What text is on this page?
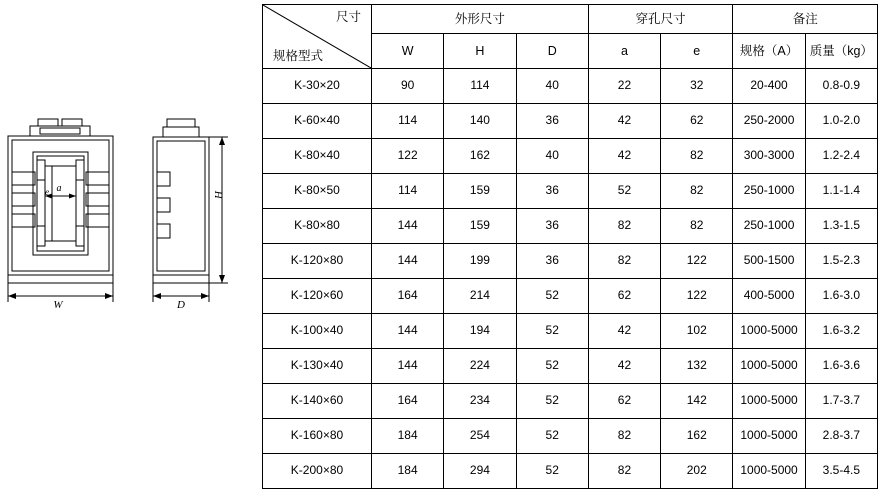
W
a
e
D
H
尺寸
规格型式	外形尺寸			穿孔尺寸		备注	
	W	H	D	a	e	规格（A）	质量（kg）
K-30×20	90	114	40	22	32	20-400	0.8-0.9
K-60×40	114	140	36	42	62	250-2000	1.0-2.0
K-80×40	122	162	40	42	82	300-3000	1.2-2.4
K-80×50	114	159	36	52	82	250-1000	1.1-1.4
K-80×80	144	159	36	82	82	250-1000	1.3-1.5
K-120×80	144	199	36	82	122	500-1500	1.5-2.3
K-120×60	164	214	52	62	122	400-5000	1.6-3.0
K-100×40	144	194	52	42	102	1000-5000	1.6-3.2
K-130×40	144	224	52	42	132	1000-5000	1.6-3.6
K-140×60	164	234	52	62	142	1000-5000	1.7-3.7
K-160×80	184	254	52	82	162	1000-5000	2.8-3.7
K-200×80	184	294	52	82	202	1000-5000	3.5-4.5
